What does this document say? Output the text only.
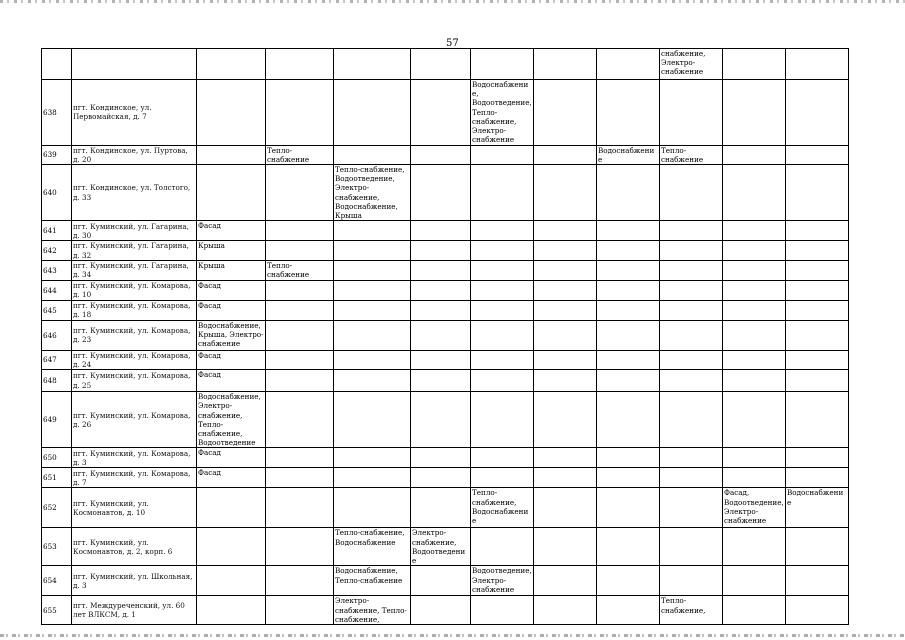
57
									снабжение, Электро-снабжение		
638	пгт. Кондинское, ул. Первомайская, д. 7					Водоснабжение, Водоотведение, Тепло-снабжение, Электро-снабжение					
639	пгт. Кондинское, ул. Пуртова, д. 20		Тепло-снабжение					Водоснабжение	Тепло-снабжение		
640	пгт. Кондинское, ул. Толстого, д. 33			Тепло-снабжение, Водоотведение, Электро-снабжение, Водоснабжение, Крыша							
641	пгт. Куминский, ул. Гагарина, д. 30	Фасад									
642	пгт. Куминский, ул. Гагарина, д. 32	Крыша									
643	пгт. Куминский, ул. Гагарина, д. 34	Крыша	Тепло-снабжение								
644	пгт. Куминский, ул. Комарова, д. 10	Фасад									
645	пгт. Куминский, ул. Комарова, д. 18	Фасад									
646	пгт. Куминский, ул. Комарова, д. 23	Водоснабжение, Крыша, Электро-снабжение									
647	пгт. Куминский, ул. Комарова, д. 24	Фасад									
648	пгт. Куминский, ул. Комарова, д. 25	Фасад									
649	пгт. Куминский, ул. Комарова, д. 26	Водоснабжение, Электро-снабжение, Тепло-снабжение, Водоотведение									
650	пгт. Куминский, ул. Комарова, д. 3	Фасад									
651	пгт. Куминский, ул. Комарова, д. 7	Фасад									
652	пгт. Куминский, ул. Космонавтов, д. 10					Тепло-снабжение, Водоснабжение				Фасад, Водоотведение, Электро-снабжение	Водоснабжение
653	пгт. Куминский, ул. Космонавтов, д. 2, корп. 6			Тепло-снабжение, Водоснабжение	Электро-снабжение, Водоотведение						
654	пгт. Куминский, ул. Школьная, д. 3			Водоснабжение, Тепло-снабжение		Водоотведение, Электро-снабжение					
655	пгт. Междуреченский, ул. 60 лет ВЛКСМ, д. 1			Электро-снабжение, Тепло-снабжение,					Тепло-снабжение,		
